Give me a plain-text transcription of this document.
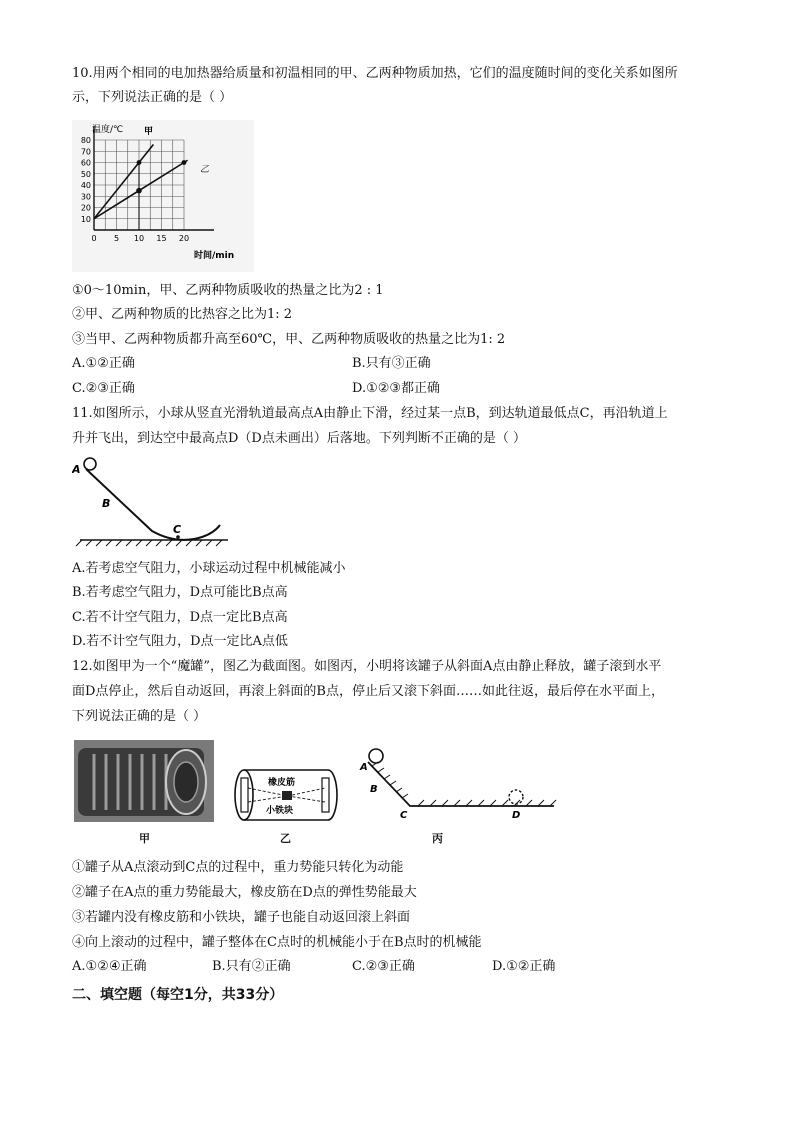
10.用两个相同的电加热器给质量和初温相同的甲、乙两种物质加热，它们的温度随时间的变化关系如图所
示，下列说法正确的是（ ）
80
70
60
50
40
30
20
10
0 5 10 15 20
温度/℃ 甲
乙
时间/min
①0～10min，甲、乙两种物质吸收的热量之比为2 : 1
②甲、乙两种物质的比热容之比为1: 2
③当甲、乙两种物质都升高至60℃，甲、乙两种物质吸收的热量之比为1: 2
A.①②正确	B.只有③正确
C.②③正确	D.①②③都正确
11.如图所示，小球从竖直光滑轨道最高点A由静止下滑，经过某一点B，到达轨道最低点C，再沿轨道上
升并飞出，到达空中最高点D（D点未画出）后落地。下列判断不正确的是（ ）
A
B
C
A.若考虑空气阻力，小球运动过程中机械能减小
B.若考虑空气阻力，D点可能比B点高
C.若不计空气阻力，D点一定比B点高
D.若不计空气阻力，D点一定比A点低
12.如图甲为一个“魔罐”，图乙为截面图。如图丙，小明将该罐子从斜面A点由静止释放，罐子滚到水平
面D点停止，然后自动返回，再滚上斜面的B点，停止后又滚下斜面……如此往返，最后停在水平面上，
下列说法正确的是（ ）
橡皮筋
小铁块
A
B
C	D
甲	乙	丙
①罐子从A点滚动到C点的过程中，重力势能只转化为动能
②罐子在A点的重力势能最大，橡皮筋在D点的弹性势能最大
③若罐内没有橡皮筋和小铁块，罐子也能自动返回滚上斜面
④向上滚动的过程中，罐子整体在C点时的机械能小于在B点时的机械能
A.①②④正确	B.只有②正确	C.②③正确	D.①②正确
二、填空题（每空1分，共33分）
